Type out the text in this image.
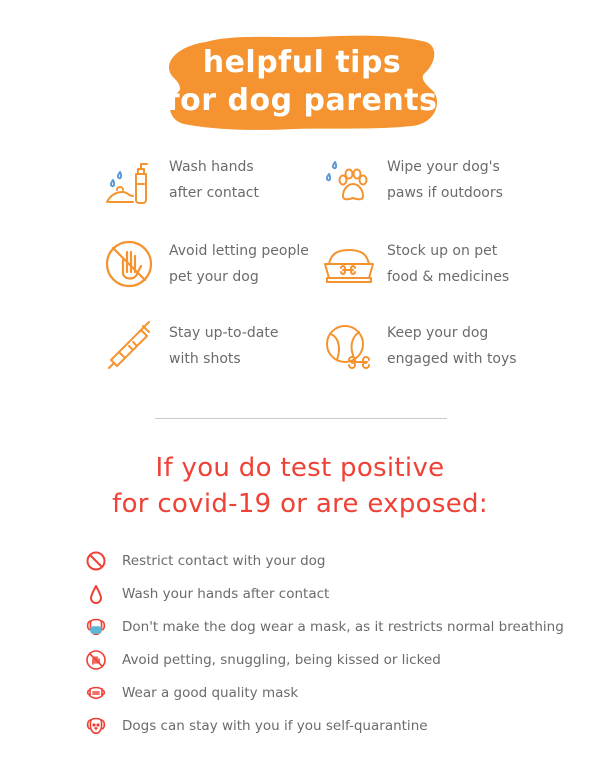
helpful tips
for dog parents
Wash hands
after contact
Wipe your dog's
paws if outdoors
Avoid letting people
pet your dog
Stock up on pet
food & medicines
Stay up-to-date
with shots
Keep your dog
engaged with toys
If you do test positive
for covid-19 or are exposed:
Restrict contact with your dog
Wash your hands after contact
Don't make the dog wear a mask, as it restricts normal breathing
Avoid petting, snuggling, being kissed or licked
Wear a good quality mask
Dogs can stay with you if you self-quarantine
